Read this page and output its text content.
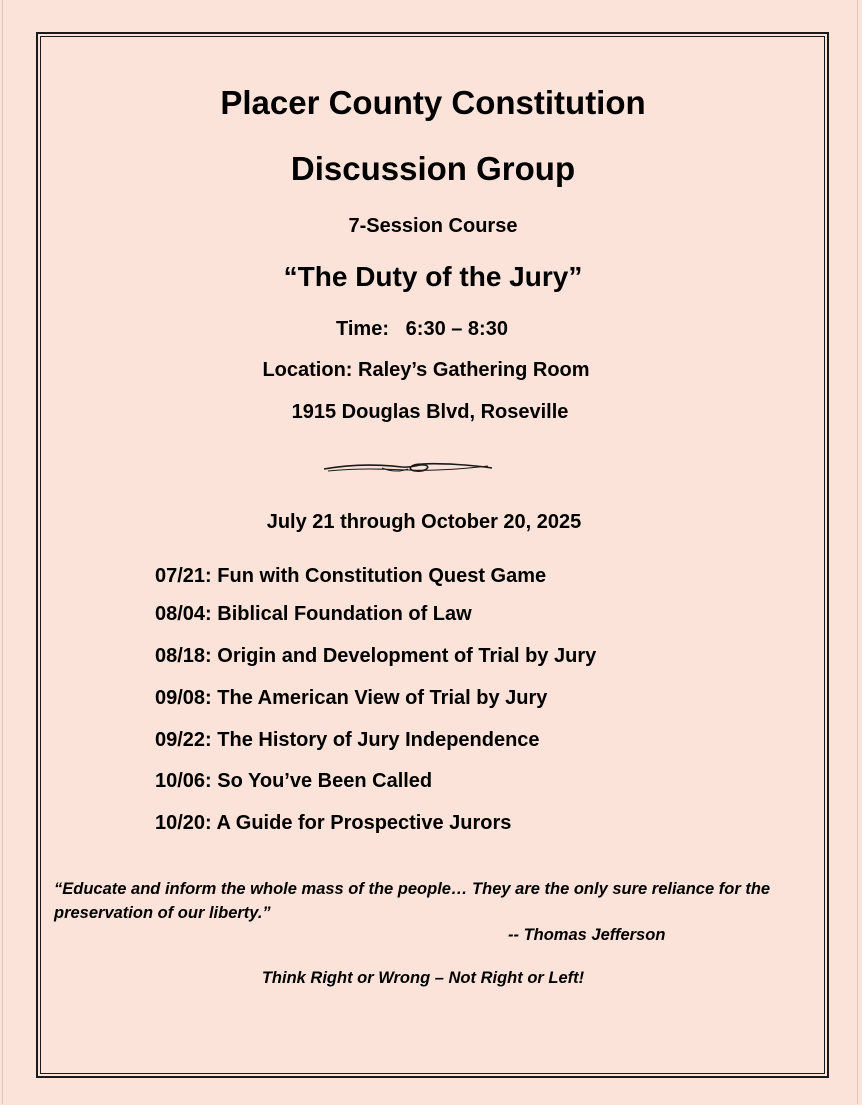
Placer County Constitution
Discussion Group
7-Session Course
“The Duty of the Jury”
Time:   6:30 – 8:30
Location: Raley’s Gathering Room
1915 Douglas Blvd, Roseville
July 21 through October 20, 2025
07/21: Fun with Constitution Quest Game
08/04: Biblical Foundation of Law
08/18: Origin and Development of Trial by Jury
09/08: The American View of Trial by Jury
09/22: The History of Jury Independence
10/06: So You’ve Been Called
10/20: A Guide for Prospective Jurors
“Educate and inform the whole mass of the people… They are the only sure reliance for the preservation of our liberty.”
-- Thomas Jefferson
Think Right or Wrong – Not Right or Left!
